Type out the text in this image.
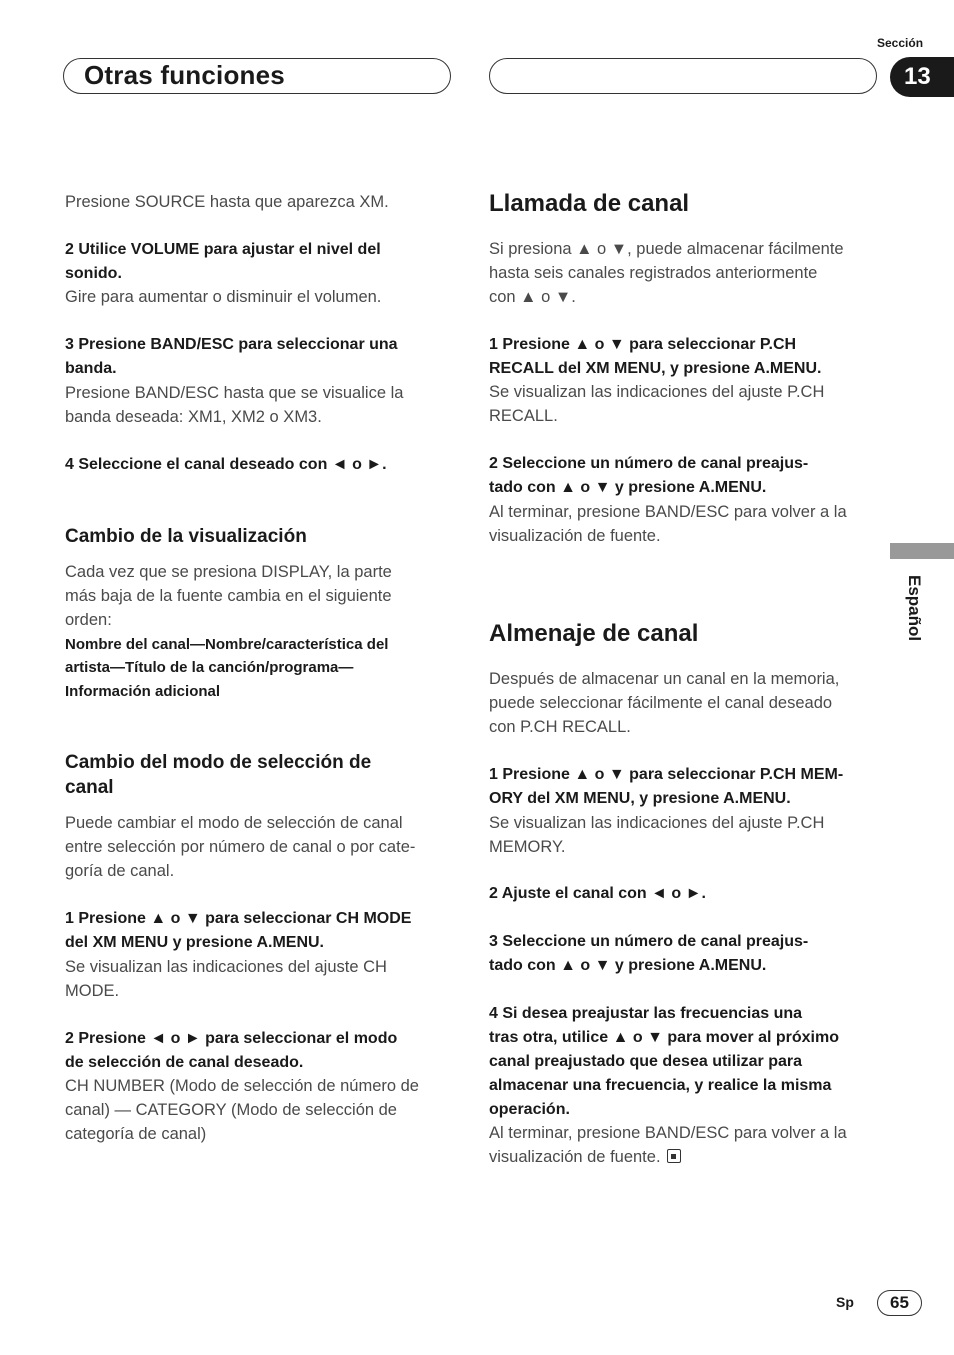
Otras funciones
Sección
13
Español

Presione SOURCE hasta que aparezca XM.

2 Utilice VOLUME para ajustar el nivel del

sonido.

Gire para aumentar o disminuir el volumen.

3 Presione BAND/ESC para seleccionar una

banda.

Presione BAND/ESC hasta que se visualice la

banda deseada: XM1, XM2 o XM3.

4 Seleccione el canal deseado con ◄ o ►.

Cambio de la visualización

Cada vez que se presiona DISPLAY, la parte

más baja de la fuente cambia en el siguiente

orden:

Nombre del canal—Nombre/característica del

artista—Título de la canción/programa—

Información adicional

Cambio del modo de selección de
canal

Puede cambiar el modo de selección de canal

entre selección por número de canal o por cate-

goría de canal.

1 Presione ▲ o ▼ para seleccionar CH MODE

del XM MENU y presione A.MENU.

Se visualizan las indicaciones del ajuste CH

MODE.

2 Presione ◄ o ► para seleccionar el modo

de selección de canal deseado.

CH NUMBER (Modo de selección de número de

canal) — CATEGORY (Modo de selección de

categoría de canal)

Llamada de canal

Si presiona ▲ o ▼, puede almacenar fácilmente

hasta seis canales registrados anteriormente

con ▲ o ▼.

1 Presione ▲ o ▼ para seleccionar P.CH

RECALL del XM MENU, y presione A.MENU.

Se visualizan las indicaciones del ajuste P.CH

RECALL.

2 Seleccione un número de canal preajus-

tado con ▲ o ▼ y presione A.MENU.

Al terminar, presione BAND/ESC para volver a la

visualización de fuente.

Almenaje de canal

Después de almacenar un canal en la memoria,

puede seleccionar fácilmente el canal deseado

con P.CH RECALL.

1 Presione ▲ o ▼ para seleccionar P.CH MEM-

ORY del XM MENU, y presione A.MENU.

Se visualizan las indicaciones del ajuste P.CH

MEMORY.

2 Ajuste el canal con ◄ o ►.

3 Seleccione un número de canal preajus-

tado con ▲ o ▼ y presione A.MENU.

4 Si desea preajustar las frecuencias una

tras otra, utilice ▲ o ▼ para mover al próximo

canal preajustado que desea utilizar para

almacenar una frecuencia, y realice la misma

operación.

Al terminar, presione BAND/ESC para volver a la

visualización de fuente.

Sp	65
